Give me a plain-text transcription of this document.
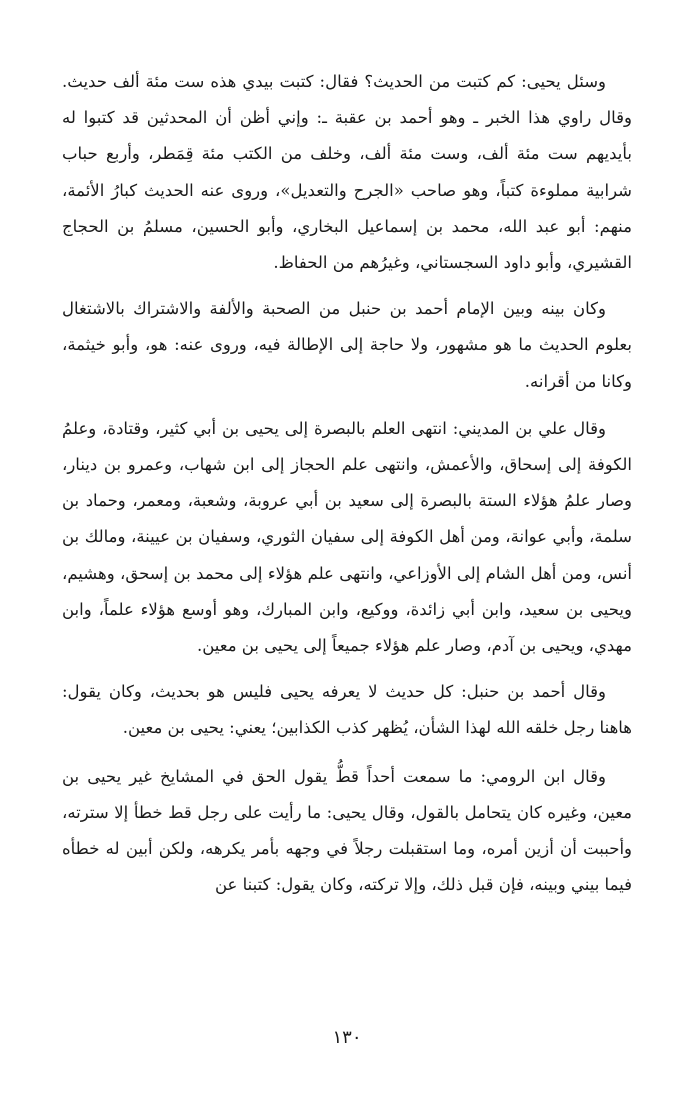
وسئل يحيى: كم كتبت من الحديث؟ فقال: كتبت بيدي هذه ست مئة ألف حديث. وقال راوي هذا الخبر ـ وهو أحمد بن عقبة ـ: وإني أظن أن المحدثين قد كتبوا له بأيديهم ست مئة ألف، وست مئة ألف، وخلف من الكتب مئة قِمَطر، وأربع حباب شرابية مملوءة كتباً، وهو صاحب «الجرح والتعديل»، وروى عنه الحديث كبارُ الأئمة، منهم: أبو عبد الله، محمد بن إسماعيل البخاري، وأبو الحسين، مسلمُ بن الحجاج القشيري، وأبو داود السجستاني، وغيرُهم من الحفاظ.

وكان بينه وبين الإمام أحمد بن حنبل من الصحبة والألفة والاشتراك بالاشتغال بعلوم الحديث ما هو مشهور، ولا حاجة إلى الإطالة فيه، وروى عنه: هو، وأبو خيثمة، وكانا من أقرانه.

وقال علي بن المديني: انتهى العلم بالبصرة إلى يحيى بن أبي كثير، وقتادة، وعلمُ الكوفة إلى إسحاق، والأعمش، وانتهى علم الحجاز إلى ابن شهاب، وعمرو بن دينار، وصار علمُ هؤلاء الستة بالبصرة إلى سعيد بن أبي عروبة، وشعبة، ومعمر، وحماد بن سلمة، وأبي عوانة، ومن أهل الكوفة إلى سفيان الثوري، وسفيان بن عيينة، ومالك بن أنس، ومن أهل الشام إلى الأوزاعي، وانتهى علم هؤلاء إلى محمد بن إسحق، وهشيم، ويحيى بن سعيد، وابن أبي زائدة، ووكيع، وابن المبارك، وهو أوسع هؤلاء علماً، وابن مهدي، ويحيى بن آدم، وصار علم هؤلاء جميعاً إلى يحيى بن معين.

وقال أحمد بن حنبل: كل حديث لا يعرفه يحيى فليس هو بحديث، وكان يقول: هاهنا رجل خلقه الله لهذا الشأن، يُظهر كذب الكذابين؛ يعني: يحيى بن معين.

وقال ابن الرومي: ما سمعت أحداً قطُّ يقول الحق في المشايخ غير يحيى بن معين، وغيره كان يتحامل بالقول، وقال يحيى: ما رأيت على رجل قط خطأ إلا سترته، وأحببت أن أزين أمره، وما استقبلت رجلاً في وجهه بأمر يكرهه، ولكن أبين له خطأه فيما بيني وبينه، فإن قبل ذلك، وإلا تركته، وكان يقول: كتبنا عن

١٣٠
